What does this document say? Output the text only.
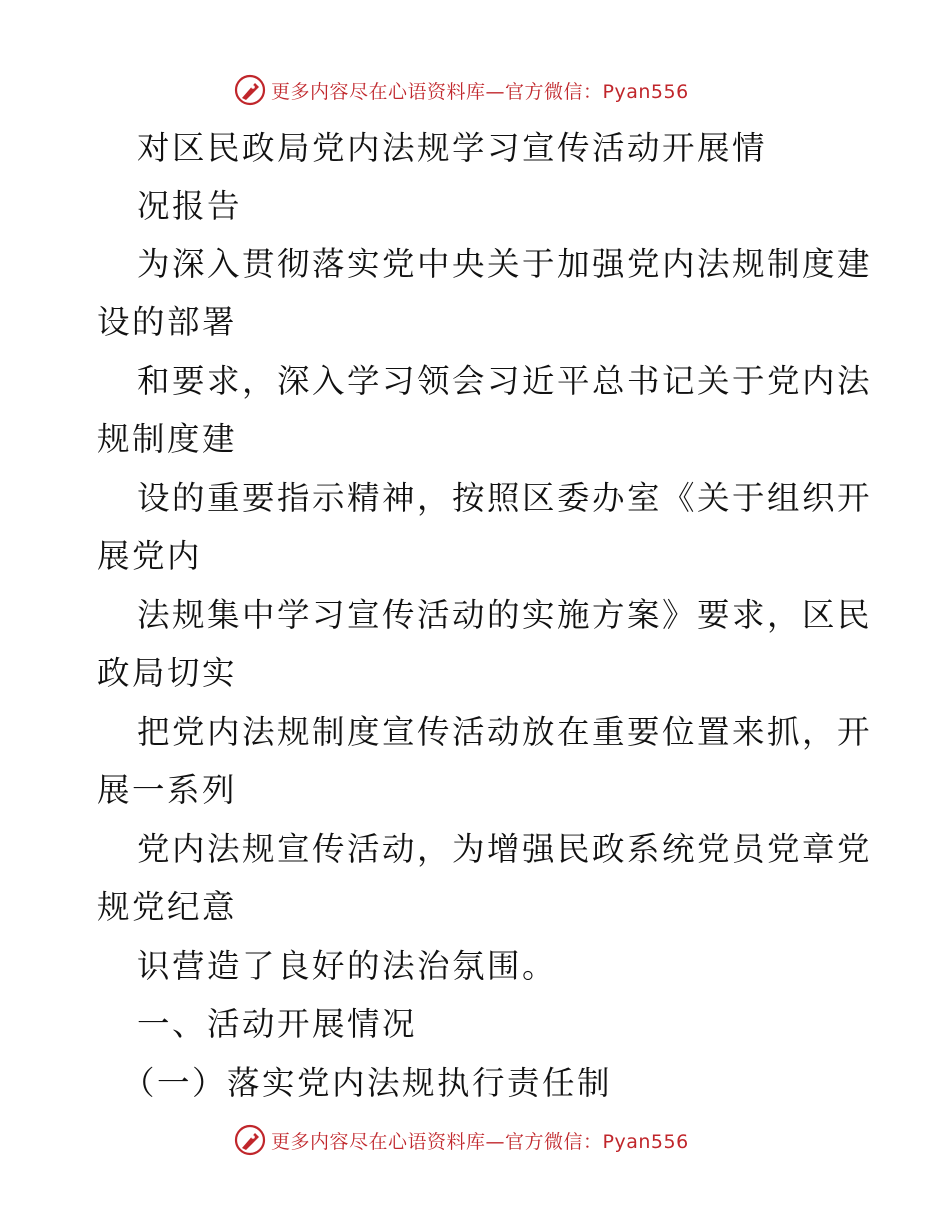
更多内容尽在心语资料库—官方微信：Pyan556
对区民政局党内法规学习宣传活动开展情
况报告
为深入贯彻落实党中央关于加强党内法规制度建
设的部署
和要求，深入学习领会习近平总书记关于党内法
规制度建
设的重要指示精神，按照区委办室《关于组织开
展党内
法规集中学习宣传活动的实施方案》要求，区民
政局切实
把党内法规制度宣传活动放在重要位置来抓，开
展一系列
党内法规宣传活动，为增强民政系统党员党章党
规党纪意
识营造了良好的法治氛围。
一、活动开展情况
（一）落实党内法规执行责任制
更多内容尽在心语资料库—官方微信：Pyan556
